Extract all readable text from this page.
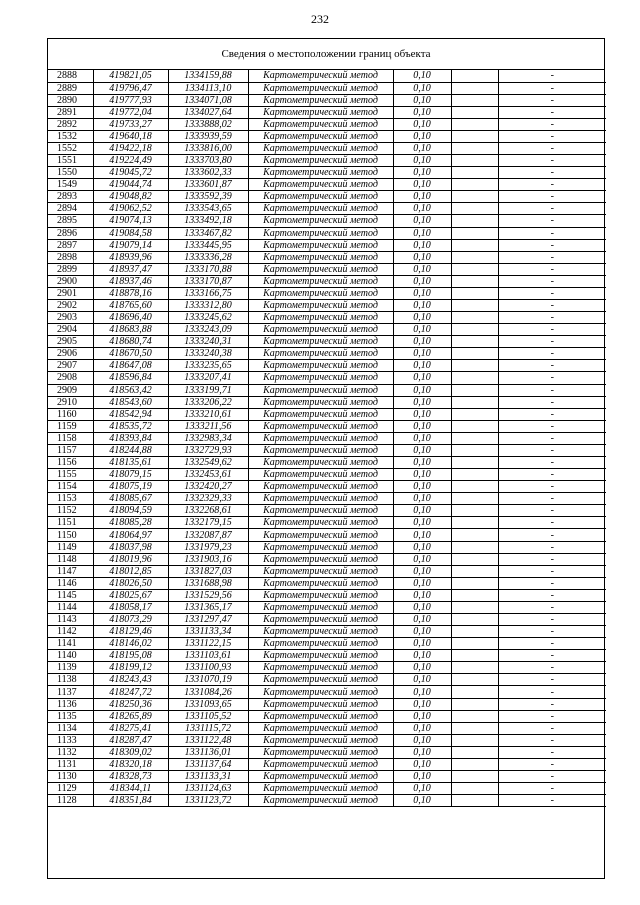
232
Сведения о местоположении границ объекта
2888	419821,05	1334159,88	Картометрический метод	0,10		-
2889	419796,47	1334113,10	Картометрический метод	0,10		-
2890	419777,93	1334071,08	Картометрический метод	0,10		-
2891	419772,04	1334027,64	Картометрический метод	0,10		-
2892	419733,27	1333888,02	Картометрический метод	0,10		-
1532	419640,18	1333939,59	Картометрический метод	0,10		-
1552	419422,18	1333816,00	Картометрический метод	0,10		-
1551	419224,49	1333703,80	Картометрический метод	0,10		-
1550	419045,72	1333602,33	Картометрический метод	0,10		-
1549	419044,74	1333601,87	Картометрический метод	0,10		-
2893	419048,82	1333592,39	Картометрический метод	0,10		-
2894	419062,52	1333543,65	Картометрический метод	0,10		-
2895	419074,13	1333492,18	Картометрический метод	0,10		-
2896	419084,58	1333467,82	Картометрический метод	0,10		-
2897	419079,14	1333445,95	Картометрический метод	0,10		-
2898	418939,96	1333336,28	Картометрический метод	0,10		-
2899	418937,47	1333170,88	Картометрический метод	0,10		-
2900	418937,46	1333170,87	Картометрический метод	0,10		-
2901	418878,16	1333166,75	Картометрический метод	0,10		-
2902	418765,60	1333312,80	Картометрический метод	0,10		-
2903	418696,40	1333245,62	Картометрический метод	0,10		-
2904	418683,88	1333243,09	Картометрический метод	0,10		-
2905	418680,74	1333240,31	Картометрический метод	0,10		-
2906	418670,50	1333240,38	Картометрический метод	0,10		-
2907	418647,08	1333235,65	Картометрический метод	0,10		-
2908	418596,84	1333207,41	Картометрический метод	0,10		-
2909	418563,42	1333199,71	Картометрический метод	0,10		-
2910	418543,60	1333206,22	Картометрический метод	0,10		-
1160	418542,94	1333210,61	Картометрический метод	0,10		-
1159	418535,72	1333211,56	Картометрический метод	0,10		-
1158	418393,84	1332983,34	Картометрический метод	0,10		-
1157	418244,88	1332729,93	Картометрический метод	0,10		-
1156	418135,61	1332549,62	Картометрический метод	0,10		-
1155	418079,15	1332453,61	Картометрический метод	0,10		-
1154	418075,19	1332420,27	Картометрический метод	0,10		-
1153	418085,67	1332329,33	Картометрический метод	0,10		-
1152	418094,59	1332268,61	Картометрический метод	0,10		-
1151	418085,28	1332179,15	Картометрический метод	0,10		-
1150	418064,97	1332087,87	Картометрический метод	0,10		-
1149	418037,98	1331979,23	Картометрический метод	0,10		-
1148	418019,96	1331903,16	Картометрический метод	0,10		-
1147	418012,85	1331827,03	Картометрический метод	0,10		-
1146	418026,50	1331688,98	Картометрический метод	0,10		-
1145	418025,67	1331529,56	Картометрический метод	0,10		-
1144	418058,17	1331365,17	Картометрический метод	0,10		-
1143	418073,29	1331297,47	Картометрический метод	0,10		-
1142	418129,46	1331133,34	Картометрический метод	0,10		-
1141	418146,02	1331122,15	Картометрический метод	0,10		-
1140	418195,08	1331103,61	Картометрический метод	0,10		-
1139	418199,12	1331100,93	Картометрический метод	0,10		-
1138	418243,43	1331070,19	Картометрический метод	0,10		-
1137	418247,72	1331084,26	Картометрический метод	0,10		-
1136	418250,36	1331093,65	Картометрический метод	0,10		-
1135	418265,89	1331105,52	Картометрический метод	0,10		-
1134	418275,41	1331115,72	Картометрический метод	0,10		-
1133	418287,47	1331122,48	Картометрический метод	0,10		-
1132	418309,02	1331136,01	Картометрический метод	0,10		-
1131	418320,18	1331137,64	Картометрический метод	0,10		-
1130	418328,73	1331133,31	Картометрический метод	0,10		-
1129	418344,11	1331124,63	Картометрический метод	0,10		-
1128	418351,84	1331123,72	Картометрический метод	0,10		-
